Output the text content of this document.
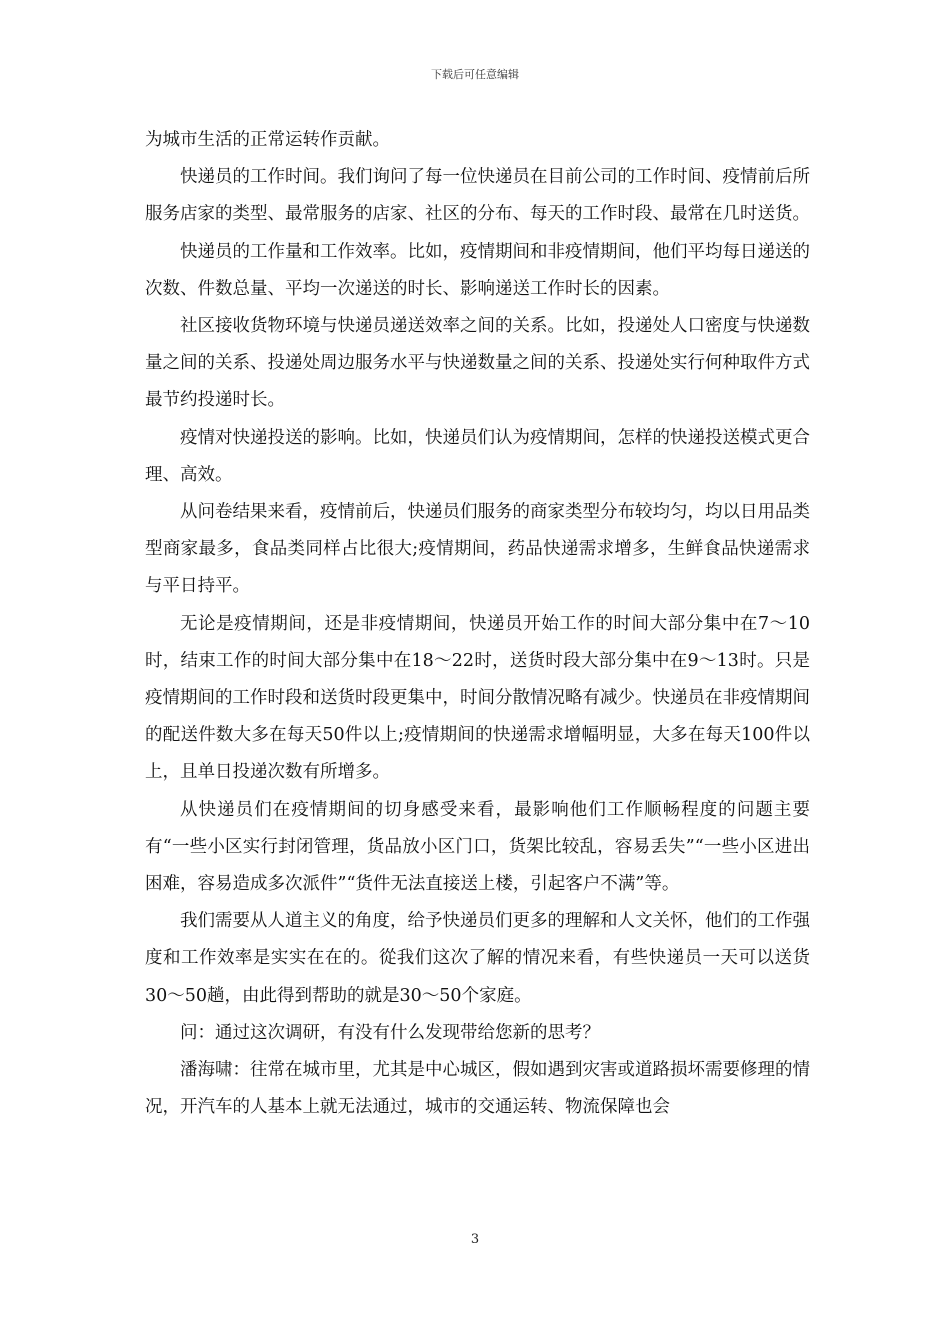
下载后可任意编辑

为城市生活的正常运转作贡献。

快递员的工作时间。我们询问了每一位快递员在目前公司的工作时间、疫情前后所服务店家的类型、最常服务的店家、社区的分布、每天的工作时段、最常在几时送货。

快递员的工作量和工作效率。比如，疫情期间和非疫情期间，他们平均每日递送的次数、件数总量、平均一次递送的时长、影响递送工作时长的因素。

社区接收货物环境与快递员递送效率之间的关系。比如，投递处人口密度与快递数量之间的关系、投递处周边服务水平与快递数量之间的关系、投递处实行何种取件方式最节约投递时长。

疫情对快递投送的影响。比如，快递员们认为疫情期间，怎样的快递投送模式更合理、高效。

从问卷结果来看，疫情前后，快递员们服务的商家类型分布较均匀，均以日用品类型商家最多，食品类同样占比很大;疫情期间，药品快递需求增多，生鲜食品快递需求与平日持平。

无论是疫情期间，还是非疫情期间，快递员开始工作的时间大部分集中在7～10时，结束工作的时间大部分集中在18～22时，送货时段大部分集中在9～13时。只是疫情期间的工作时段和送货时段更集中，时间分散情况略有减少。快递员在非疫情期间的配送件数大多在每天50件以上;疫情期间的快递需求增幅明显，大多在每天100件以上，且单日投递次数有所增多。

从快递员们在疫情期间的切身感受来看，最影响他们工作顺畅程度的问题主要有“一些小区实行封闭管理，货品放小区门口，货架比较乱，容易丢失”“一些小区进出困难，容易造成多次派件”“货件无法直接送上楼，引起客户不满”等。

我们需要从人道主义的角度，给予快递员们更多的理解和人文关怀，他们的工作强度和工作效率是实实在在的。從我们这次了解的情况来看，有些快递员一天可以送货30～50趟，由此得到帮助的就是30～50个家庭。

问：通过这次调研，有没有什么发现带给您新的思考？

潘海啸：往常在城市里，尤其是中心城区，假如遇到灾害或道路损坏需要修理的情况，开汽车的人基本上就无法通过，城市的交通运转、物流保障也会

3
